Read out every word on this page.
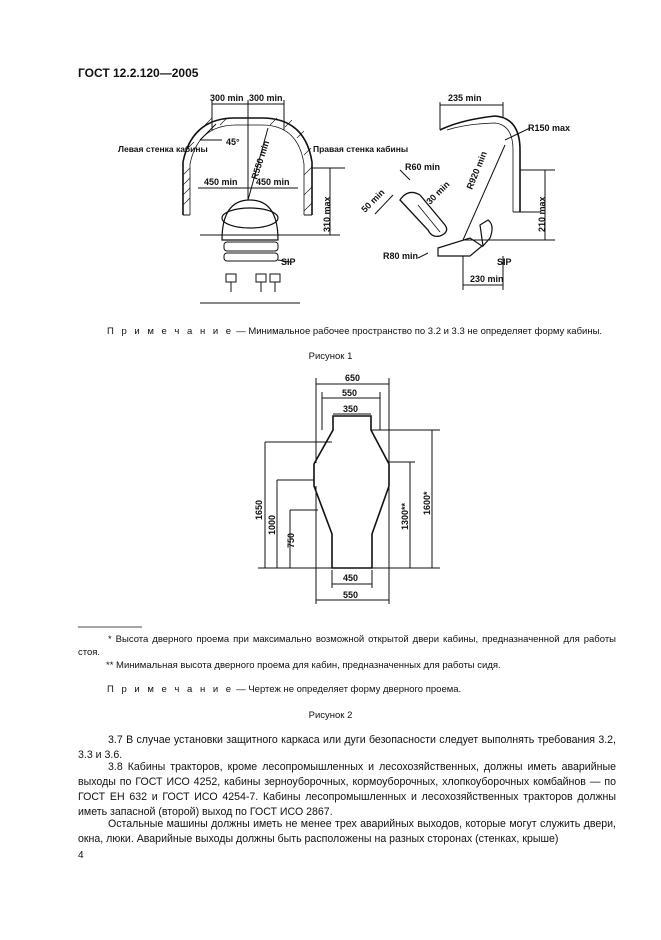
ГОСТ 12.2.120—2005
300 min 300 min	235 min
R150 max
Левая стенка кабины	Правая стенка кабины
45° R550 min	R920 min
450 min 450 min
310 max	210 max
R60 min
50 min	30 min
R80 min
SIP	SIP
230 min
П р и м е ч а н и е — Минимальное рабочее пространство по 3.2 и 3.3 не определяет форму кабины.
Рисунок 1
650
550
350
450
550
1650
1000
750
1300** 1600*
* Высота дверного проема при максимально возможной открытой двери кабины, предназначенной для работы стоя.
** Минимальная высота дверного проема для кабин, предназначенных для работы сидя.
П р и м е ч а н и е — Чертеж не определяет форму дверного проема.
Рисунок 2
3.7 В случае установки защитного каркаса или дуги безопасности следует выполнять требования 3.2, 3.3 и 3.6.
3.8 Кабины тракторов, кроме лесопромышленных и лесохозяйственных, должны иметь аварийные выходы по ГОСТ ИСО 4252, кабины зерноуборочных, кормоуборочных, хлопкоуборочных комбайнов — по ГОСТ ЕН 632 и ГОСТ ИСО 4254-7. Кабины лесопромышленных и лесохозяйственных тракторов должны иметь запасной (второй) выход по ГОСТ ИСО 2867.
Остальные машины должны иметь не менее трех аварийных выходов, которые могут служить двери, окна, люки. Аварийные выходы должны быть расположены на разных сторонах (стенках, крыше)
4
